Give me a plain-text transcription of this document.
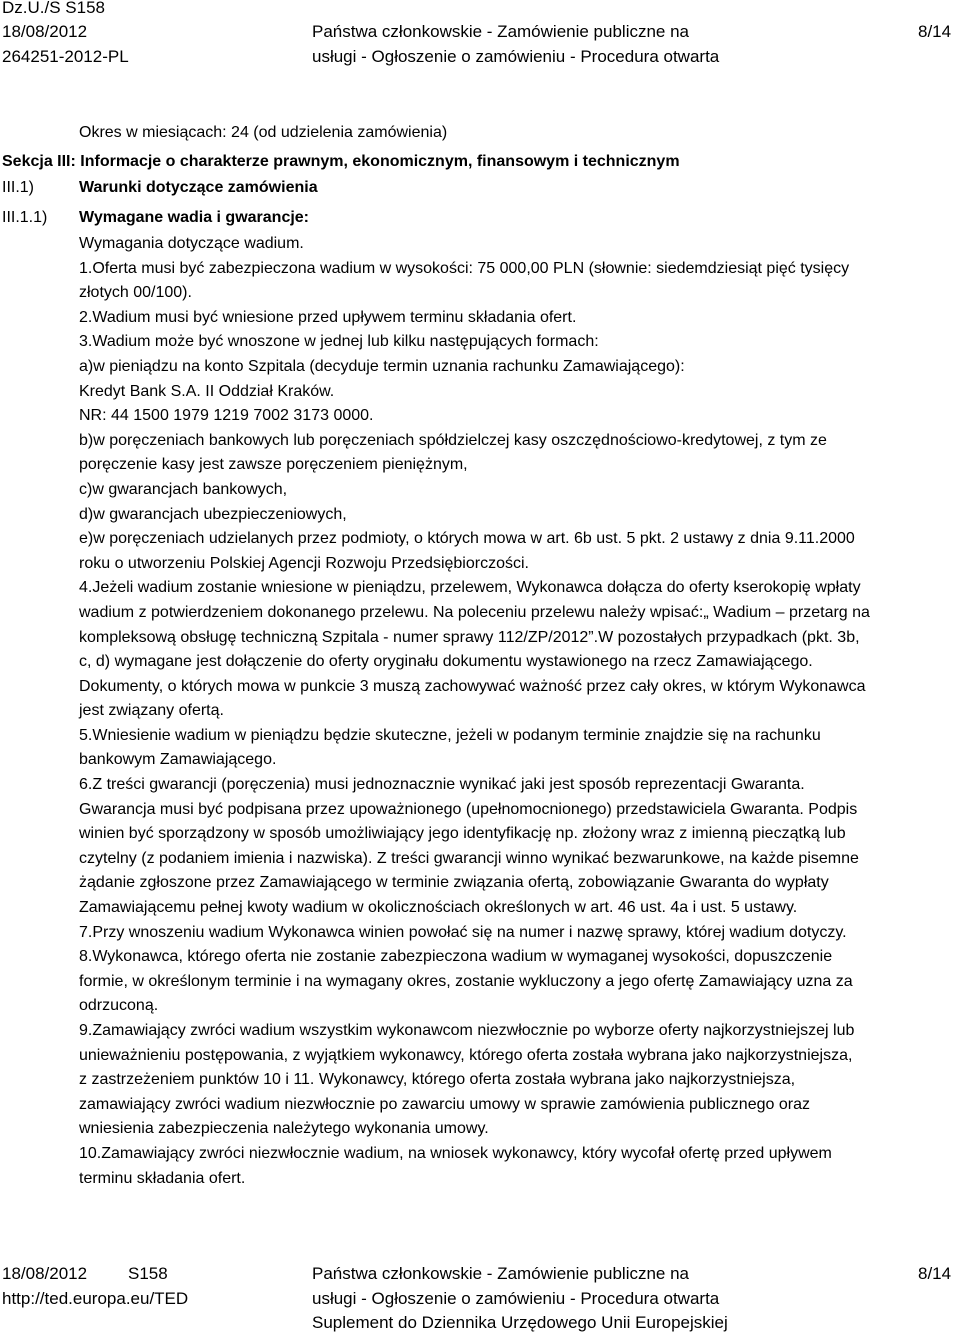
Dz.U./S S158
18/08/2012
264251-2012-PL
Państwa członkowskie - Zamówienie publiczne na
usługi - Ogłoszenie o zamówieniu - Procedura otwarta
8/14
Okres w miesiącach: 24 (od udzielenia zamówienia)
Sekcja III: Informacje o charakterze prawnym, ekonomicznym, finansowym i technicznym
III.1)	Warunki dotyczące zamówienia
III.1.1) Wymagane wadia i gwarancje:

Wymagania dotyczące wadium.

1.Oferta musi być zabezpieczona wadium w wysokości: 75 000,00 PLN (słownie: siedemdziesiąt pięć tysięcy
złotych 00/100).

2.Wadium musi być wniesione przed upływem terminu składania ofert.

3.Wadium może być wnoszone w jednej lub kilku następujących formach:

a)w pieniądzu na konto Szpitala (decyduje termin uznania rachunku Zamawiającego):

Kredyt Bank S.A. II Oddział Kraków.

NR: 44 1500 1979 1219 7002 3173 0000.

b)w poręczeniach bankowych lub poręczeniach spółdzielczej kasy oszczędnościowo-kredytowej, z tym ze
poręczenie kasy jest zawsze poręczeniem pieniężnym,

c)w gwarancjach bankowych,

d)w gwarancjach ubezpieczeniowych,

e)w poręczeniach udzielanych przez podmioty, o których mowa w art. 6b ust. 5 pkt. 2 ustawy z dnia 9.11.2000
roku o utworzeniu Polskiej Agencji Rozwoju Przedsiębiorczości.

4.Jeżeli wadium zostanie wniesione w pieniądzu, przelewem, Wykonawca dołącza do oferty kserokopię wpłaty
wadium z potwierdzeniem dokonanego przelewu. Na poleceniu przelewu należy wpisać:„ Wadium – przetarg na
kompleksową obsługę techniczną Szpitala - numer sprawy 112/ZP/2012”.W pozostałych przypadkach (pkt. 3b,
c, d) wymagane jest dołączenie do oferty oryginału dokumentu wystawionego na rzecz Zamawiającego.
Dokumenty, o których mowa w punkcie 3 muszą zachowywać ważność przez cały okres, w którym Wykonawca
jest związany ofertą.

5.Wniesienie wadium w pieniądzu będzie skuteczne, jeżeli w podanym terminie znajdzie się na rachunku
bankowym Zamawiającego.

6.Z treści gwarancji (poręczenia) musi jednoznacznie wynikać jaki jest sposób reprezentacji Gwaranta.
Gwarancja musi być podpisana przez upoważnionego (upełnomocnionego) przedstawiciela Gwaranta. Podpis
winien być sporządzony w sposób umożliwiający jego identyfikację np. złożony wraz z imienną pieczątką lub
czytelny (z podaniem imienia i nazwiska). Z treści gwarancji winno wynikać bezwarunkowe, na każde pisemne
żądanie zgłoszone przez Zamawiającego w terminie związania ofertą, zobowiązanie Gwaranta do wypłaty
Zamawiającemu pełnej kwoty wadium w okolicznościach określonych w art. 46 ust. 4a i ust. 5 ustawy.

7.Przy wnoszeniu wadium Wykonawca winien powołać się na numer i nazwę sprawy, której wadium dotyczy.

8.Wykonawca, którego oferta nie zostanie zabezpieczona wadium w wymaganej wysokości, dopuszczenie
formie, w określonym terminie i na wymagany okres, zostanie wykluczony a jego ofertę Zamawiający uzna za
odrzuconą.

9.Zamawiający zwróci wadium wszystkim wykonawcom niezwłocznie po wyborze oferty najkorzystniejszej lub
unieważnieniu postępowania, z wyjątkiem wykonawcy, którego oferta została wybrana jako najkorzystniejsza,
z zastrzeżeniem punktów 10 i 11. Wykonawcy, którego oferta została wybrana jako najkorzystniejsza,
zamawiający zwróci wadium niezwłocznie po zawarciu umowy w sprawie zamówienia publicznego oraz
wniesienia zabezpieczenia należytego wykonania umowy.

10.Zamawiający zwróci niezwłocznie wadium, na wniosek wykonawcy, który wycofał ofertę przed upływem
terminu składania ofert.

18/08/2012 S158
http://ted.europa.eu/TED
Państwa członkowskie - Zamówienie publiczne na
usługi - Ogłoszenie o zamówieniu - Procedura otwarta
Suplement do Dziennika Urzędowego Unii Europejskiej
8/14
